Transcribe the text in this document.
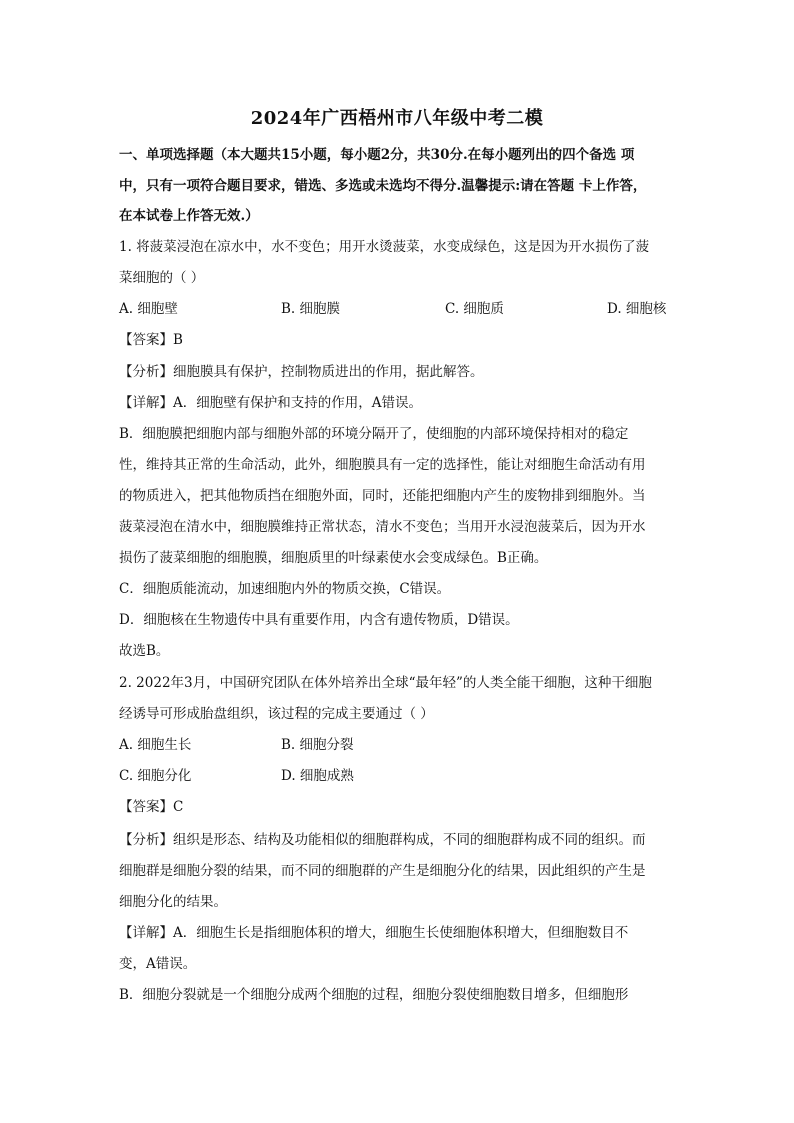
2024年广西梧州市八年级中考二模
一、单项选择题（本大题共15小题，每小题2分，共30分.在每小题列出的四个备选 项
中，只有一项符合题目要求，错选、多选或未选均不得分.温馨提示:请在答题 卡上作答，
在本试卷上作答无效.）
1. 将菠菜浸泡在凉水中，水不变色；用开水烫菠菜，水变成绿色，这是因为开水损伤了菠
菜细胞的（ ）
A. 细胞壁	B. 细胞膜	C. 细胞质	D. 细胞核
【答案】B
【分析】细胞膜具有保护，控制物质进出的作用，据此解答。
【详解】A．细胞壁有保护和支持的作用，A错误。
B．细胞膜把细胞内部与细胞外部的环境分隔开了，使细胞的内部环境保持相对的稳定
性，维持其正常的生命活动，此外，细胞膜具有一定的选择性，能让对细胞生命活动有用
的物质进入，把其他物质挡在细胞外面，同时，还能把细胞内产生的废物排到细胞外。当
菠菜浸泡在清水中，细胞膜维持正常状态，清水不变色；当用开水浸泡菠菜后，因为开水
损伤了菠菜细胞的细胞膜，细胞质里的叶绿素使水会变成绿色。B正确。
C．细胞质能流动，加速细胞内外的物质交换，C错误。
D．细胞核在生物遗传中具有重要作用，内含有遗传物质，D错误。
故选B。
2. 2022年3月，中国研究团队在体外培养出全球“最年轻”的人类全能干细胞，这种干细胞
经诱导可形成胎盘组织，该过程的完成主要通过（ ）
A. 细胞生长	B. 细胞分裂
C. 细胞分化	D. 细胞成熟
【答案】C
【分析】组织是形态、结构及功能相似的细胞群构成，不同的细胞群构成不同的组织。而
细胞群是细胞分裂的结果，而不同的细胞群的产生是细胞分化的结果，因此组织的产生是
细胞分化的结果。
【详解】A．细胞生长是指细胞体积的增大，细胞生长使细胞体积增大，但细胞数目不
变，A错误。
B．细胞分裂就是一个细胞分成两个细胞的过程，细胞分裂使细胞数目增多，但细胞形
